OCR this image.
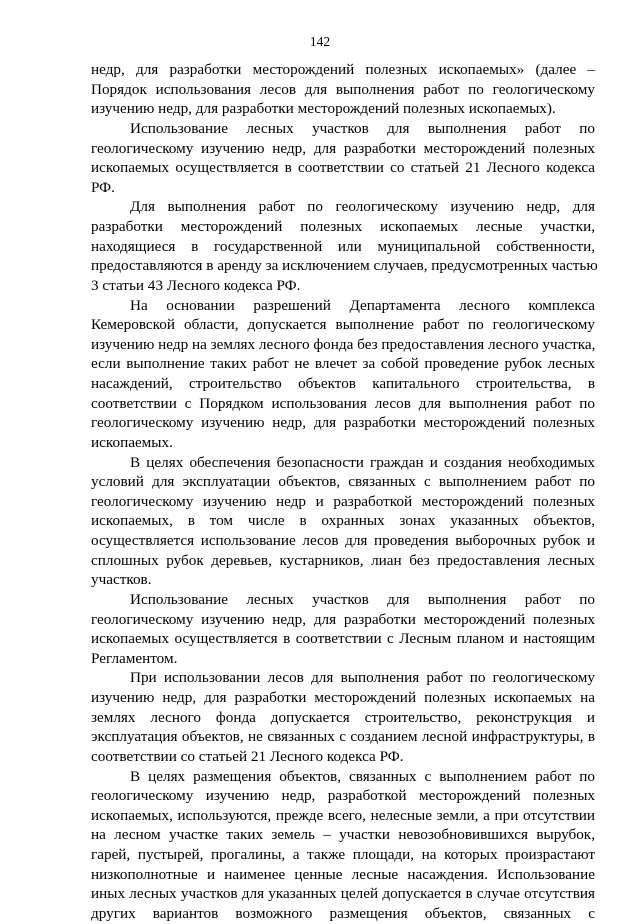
142
недр, для разработки месторождений полезных ископаемых» (далее –
Порядок использования лесов для выполнения работ по геологическому
изучению недр, для разработки месторождений полезных ископаемых).
Использование лесных участков для выполнения работ по
геологическому изучению недр, для разработки месторождений полезных
ископаемых осуществляется в соответствии со статьей 21 Лесного кодекса
РФ.
Для выполнения работ по геологическому изучению недр, для
разработки месторождений полезных ископаемых лесные участки,
находящиеся в государственной или муниципальной собственности,
предоставляются в аренду за исключением случаев, предусмотренных частью
3 статьи 43 Лесного кодекса РФ.
На основании разрешений Департамента лесного комплекса
Кемеровской области, допускается выполнение работ по геологическому
изучению недр на землях лесного фонда без предоставления лесного участка,
если выполнение таких работ не влечет за собой проведение рубок лесных
насаждений, строительство объектов капитального строительства, в
соответствии с Порядком использования лесов для выполнения работ по
геологическому изучению недр, для разработки месторождений полезных
ископаемых.
В целях обеспечения безопасности граждан и создания необходимых
условий для эксплуатации объектов, связанных с выполнением работ по
геологическому изучению недр и разработкой месторождений полезных
ископаемых, в том числе в охранных зонах указанных объектов,
осуществляется использование лесов для проведения выборочных рубок и
сплошных рубок деревьев, кустарников, лиан без предоставления лесных
участков.
Использование лесных участков для выполнения работ по
геологическому изучению недр, для разработки месторождений полезных
ископаемых осуществляется в соответствии с Лесным планом и настоящим
Регламентом.
При использовании лесов для выполнения работ по геологическому
изучению недр, для разработки месторождений полезных ископаемых на
землях лесного фонда допускается строительство, реконструкция и
эксплуатация объектов, не связанных с созданием лесной инфраструктуры, в
соответствии со статьей 21 Лесного кодекса РФ.
В целях размещения объектов, связанных с выполнением работ по
геологическому изучению недр, разработкой месторождений полезных
ископаемых, используются, прежде всего, нелесные земли, а при отсутствии
на лесном участке таких земель – участки невозобновившихся вырубок,
гарей, пустырей, прогалины, а также площади, на которых произрастают
низкополнотные и наименее ценные лесные насаждения. Использование
иных лесных участков для указанных целей допускается в случае отсутствия
других вариантов возможного размещения объектов, связанных с
